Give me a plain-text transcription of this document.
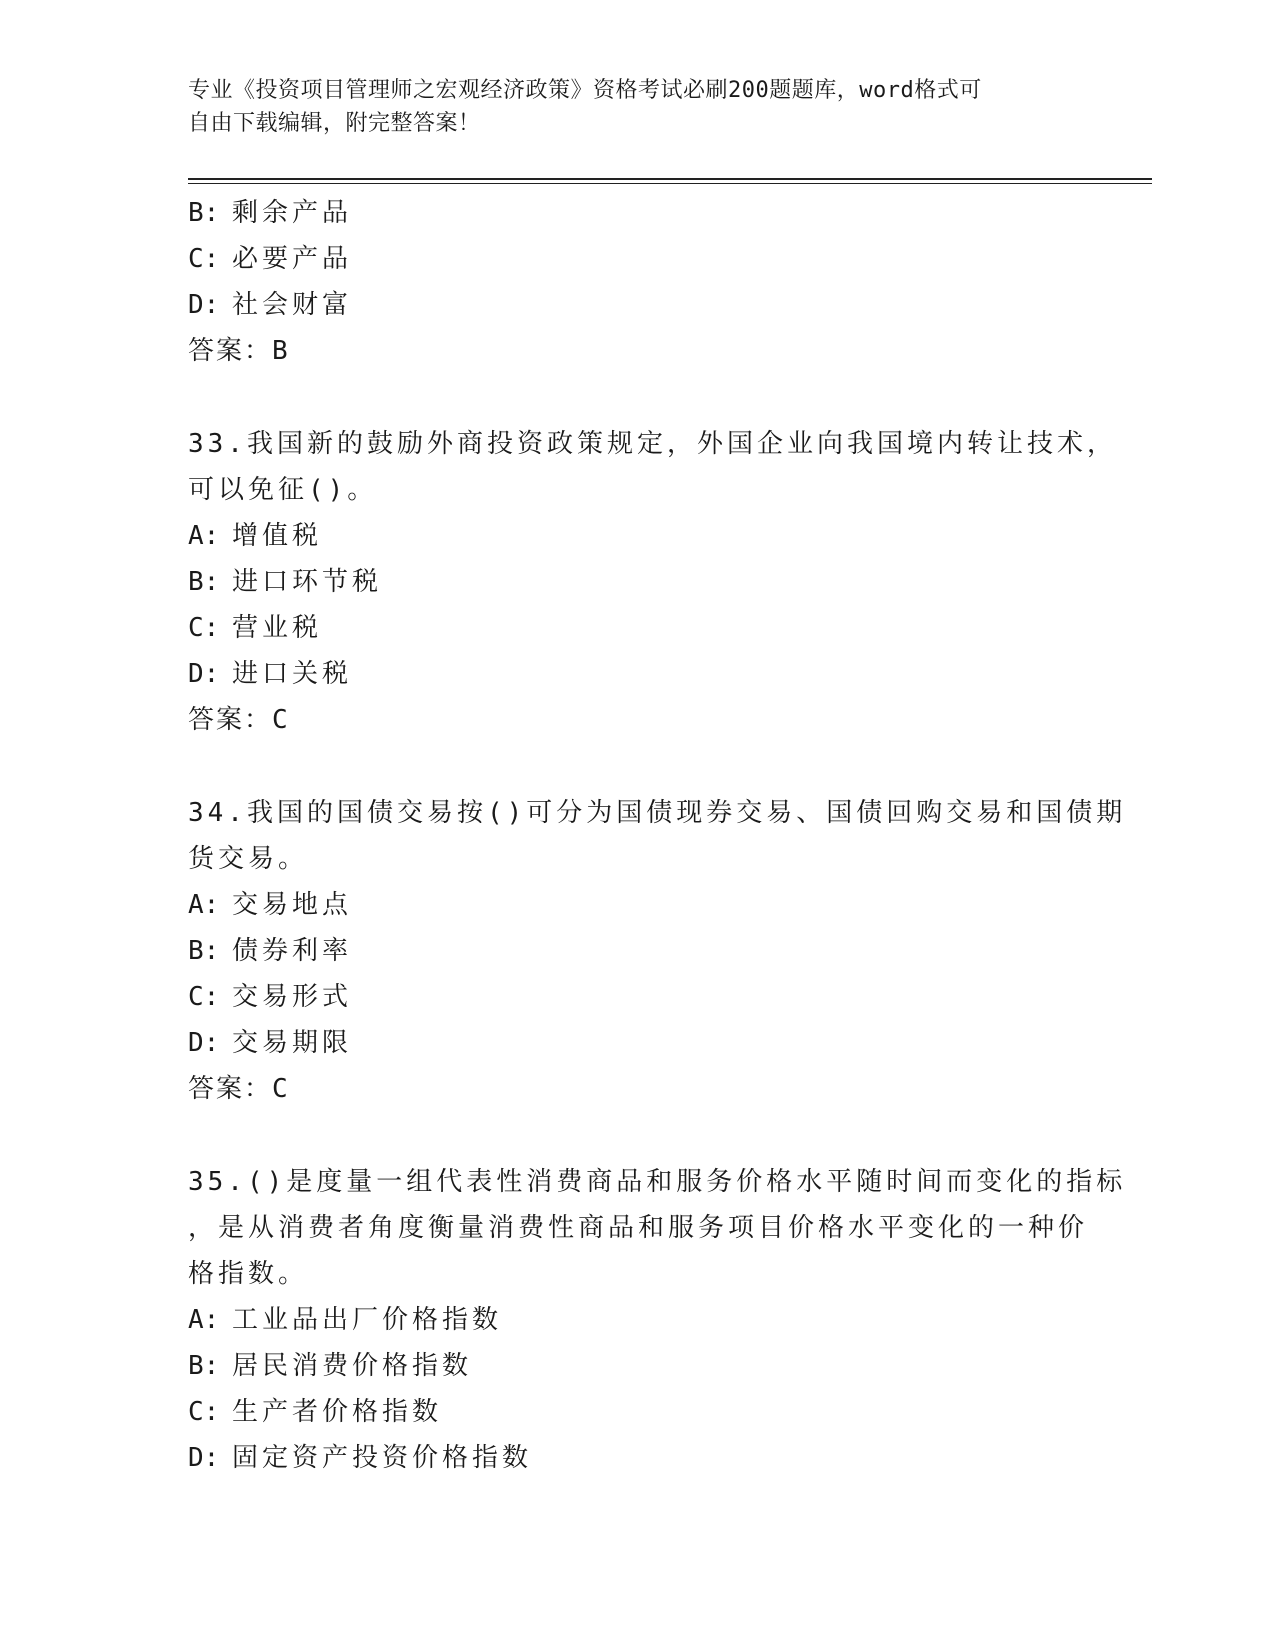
专业《投资项目管理师之宏观经济政策》资格考试必刷200题题库，word格式可
自由下载编辑，附完整答案！
B: 剩余产品
C: 必要产品
D: 社会财富
答案：B
33.我国新的鼓励外商投资政策规定，外国企业向我国境内转让技术，
可以免征()。
A: 增值税
B: 进口环节税
C: 营业税
D: 进口关税
答案：C
34.我国的国债交易按()可分为国债现券交易、国债回购交易和国债期
货交易。
A: 交易地点
B: 债券利率
C: 交易形式
D: 交易期限
答案：C
35.()是度量一组代表性消费商品和服务价格水平随时间而变化的指标
，是从消费者角度衡量消费性商品和服务项目价格水平变化的一种价
格指数。
A: 工业品出厂价格指数
B: 居民消费价格指数
C: 生产者价格指数
D: 固定资产投资价格指数
